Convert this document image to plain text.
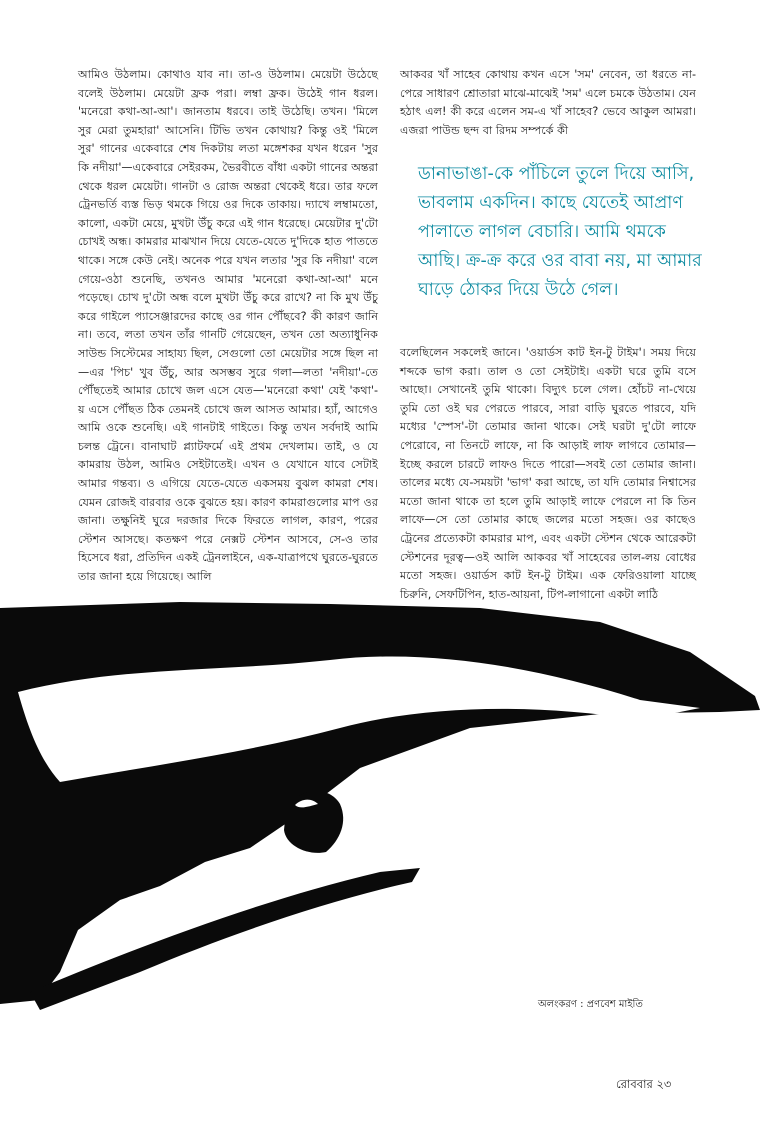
আমিও উঠলাম। কোথাও যাব না। তা-ও উঠলাম। মেয়েটা উঠেছে বলেই উঠলাম। মেয়েটা ফ্রক পরা। লম্বা ফ্রক। উঠেই গান ধরল। 'মনেরো কথা-আ-আ'। জানতাম ধরবে। তাই উঠেছি। তখন। 'মিলে সুর মেরা তুমহারা' আসেনি। টিভি তখন কোথায়? কিন্তু ওই 'মিলে সুর' গানের একেবারে শেষ দিকটায় লতা মঙ্গেশকর যখন ধরেন 'সুর কি নদীয়া'—একেবারে সেইরকম, ভৈরবীতে বাঁধা একটা গানের অন্তরা থেকে ধরল মেয়েটা। গানটা ও রোজ অন্তরা থেকেই ধরে। তার ফলে ট্রেনভর্তি ব্যস্ত ভিড় থমকে গিয়ে ওর দিকে তাকায়। দ্যাখে লম্বামতো, কালো, একটা মেয়ে, মুখটা উঁচু করে এই গান ধরেছে। মেয়েটার দু'টো চোখই অন্ধ। কামরার মাঝখান দিয়ে যেতে-যেতে দু'দিকে হাত পাততে থাকে। সঙ্গে কেউ নেই। অনেক পরে যখন লতার 'সুর কি নদীয়া' বলে গেয়ে-ওঠা শুনেছি, তখনও আমার 'মনেরো কথা-আ-আ' মনে পড়েছে। চোখ দু'টো অন্ধ বলে মুখটা উঁচু করে রাখে? না কি মুখ উঁচু করে গাইলে প্যাসেঞ্জারদের কাছে ওর গান পৌঁছবে? কী কারণ জানি না। তবে, লতা তখন তাঁর গানটি গেয়েছেন, তখন তো অত্যাধুনিক সাউন্ড সিস্টেমের সাহায্য ছিল, সেগুলো তো মেয়েটার সঙ্গে ছিল না—এর 'পিচ' খুব উঁচু, আর অসম্ভব সুরে গলা—লতা 'নদীয়া'-তে পৌঁছতেই আমার চোখে জল এসে যেত—'মনেরো কথা' যেই 'কথা'-য় এসে পৌঁছত ঠিক তেমনই চোখে জল আসত আমার। হ্যাঁ, আগেও আমি ওকে শুনেছি। এই গানটাই গাইতে। কিন্তু তখন সর্বদাই আমি চলন্ত ট্রেনে। বানাঘাট প্ল্যাটফর্মে এই প্রথম দেখলাম। তাই, ও যে কামরায় উঠল, আমিও সেইটাতেই। এখন ও যেখানে যাবে সেটাই আমার গন্তব্য। ও এগিয়ে যেতে-যেতে একসময় বুঝল কামরা শেষ। যেমন রোজই বারবার ওকে বুঝতে হয়। কারণ কামরাগুলোর মাপ ওর জানা। তক্ষুনিই ঘুরে দরজার দিকে ফিরতে লাগল, কারণ, পরের স্টেশন আসছে। কতক্ষণ পরে নেক্সট স্টেশন আসবে, সে-ও তার হিসেবে ধরা, প্রতিদিন একই ট্রেনলাইনে, এক-যাত্রাপথে ঘুরতে-ঘুরতে তার জানা হয়ে গিয়েছে। আলি

আকবর খাঁ সাহেব কোথায় কখন এসে 'সম' নেবেন, তা ধরতে না-পেরে সাধারণ শ্রোতারা মাঝে-মাঝেই 'সম' এলে চমকে উঠতাম। যেন হঠাৎ এল! কী করে এলেন সম-এ খাঁ সাহেব? ভেবে আকুল আমরা। এজরা পাউন্ড ছন্দ বা রিদম সম্পর্কে কী

ডানাভাঙা-কে পাঁচিলে তুলে দিয়ে আসি, ভাবলাম একদিন। কাছে যেতেই আপ্রাণ পালাতে লাগল বেচারি। আমি থমকে আছি। ক্র-ক্র করে ওর বাবা নয়, মা আমার ঘাড়ে ঠোকর দিয়ে উঠে গেল।

বলেছিলেন সকলেই জানে। 'ওয়ার্ডস কাট ইন-টু টাইম'। সময় দিয়ে শব্দকে ভাগ করা। তাল ও তো সেইটাই। একটা ঘরে তুমি বসে আছো। সেখানেই তুমি থাকো। বিদ্যুৎ চলে গেল। হোঁচট না-খেয়ে তুমি তো ওই ঘর পেরতে পারবে, সারা বাড়ি ঘুরতে পারবে, যদি মধ্যের 'স্পেস'-টা তোমার জানা থাকে। সেই ঘরটা দু'টো লাফে পেরোবে, না তিনটে লাফে, না কি আড়াই লাফ লাগবে তোমার—ইচ্ছে করলে চারটে লাফও দিতে পারো—সবই তো তোমার জানা। তালের মধ্যে যে-সময়টা 'ভাগ' করা আছে, তা যদি তোমার নিশ্বাসের মতো জানা থাকে তা হলে তুমি আড়াই লাফে পেরলে না কি তিন লাফে—সে তো তোমার কাছে জলের মতো সহজ। ওর কাছেও ট্রেনের প্রত্যেকটা কামরার মাপ, এবং একটা স্টেশন থেকে আরেকটা স্টেশনের দূরত্ব—ওই আলি আকবর খাঁ সাহেবের তাল-লয় বোধের মতো সহজ। ওয়ার্ডস কাট ইন-টু টাইম। এক ফেরিওয়ালা যাচ্ছে চিরুনি, সেফটিপিন, হাত-আয়না, টিপ-লাগানো একটা লাঠি

অলংকরণ : প্রণবেশ মাইতি
রোববার ২৩
